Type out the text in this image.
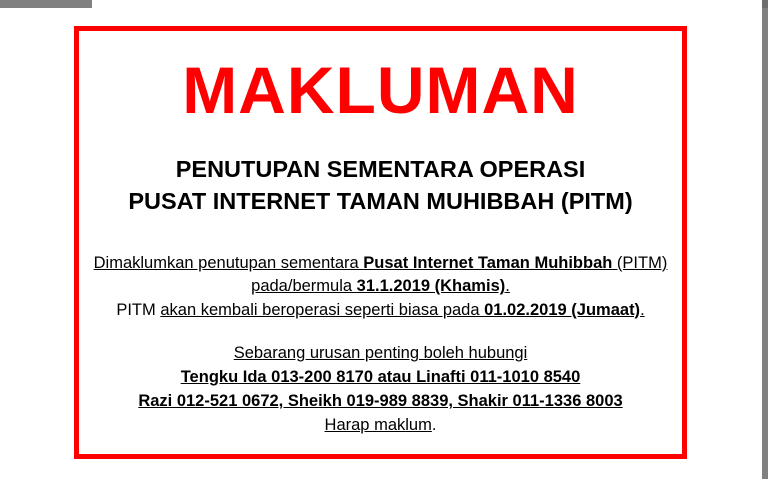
MAKLUMAN
PENUTUPAN SEMENTARA OPERASI
PUSAT INTERNET TAMAN MUHIBBAH (PITM)
Dimaklumkan penutupan sementara Pusat Internet Taman Muhibbah (PITM)
pada/bermula 31.1.2019 (Khamis).
PITM akan kembali beroperasi seperti biasa pada 01.02.2019 (Jumaat).
Sebarang urusan penting boleh hubungi
Tengku Ida 013-200 8170 atau Linafti 011-1010 8540
Razi 012-521 0672, Sheikh 019-989 8839, Shakir 011-1336 8003
Harap maklum.
